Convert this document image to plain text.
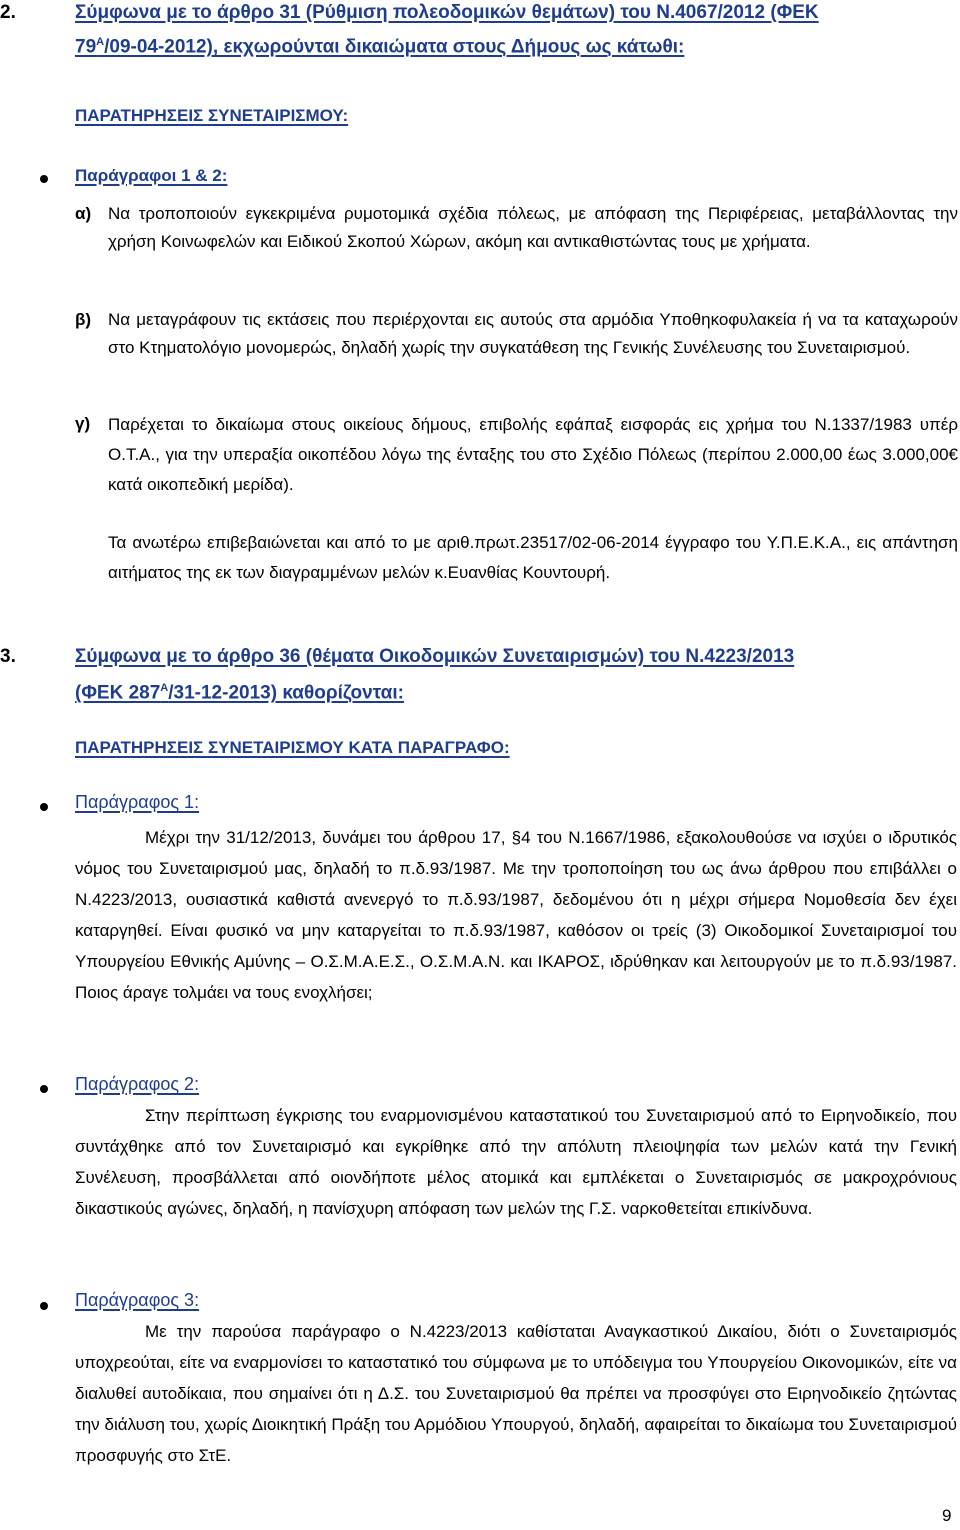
2.	Σύμφωνα με το άρθρο 31 (Ρύθμιση πολεοδομικών θεμάτων) του Ν.4067/2012 (ΦΕΚ
$79^A/09-04-2012$), εκχωρούνται δικαιώματα στους Δήμους ως κάτωθι:
ΠΑΡΑΤΗΡΗΣΕΙΣ ΣΥΝΕΤΑΙΡΙΣΜΟΥ:
Παράγραφοι 1 & 2:
α) Να τροποποιούν εγκεκριμένα ρυμοτομικά σχέδια πόλεως, με απόφαση της Περιφέρειας, μεταβάλλοντας την χρήση Κοινωφελών και Ειδικού Σκοπού Χώρων, ακόμη και αντικαθιστώντας τους με χρήματα.
β) Να μεταγράφουν τις εκτάσεις που περιέρχονται εις αυτούς στα αρμόδια Υποθηκοφυλακεία ή να τα καταχωρούν στο Κτηματολόγιο μονομερώς, δηλαδή χωρίς την συγκατάθεση της Γενικής Συνέλευσης του Συνεταιρισμού.
γ) Παρέχεται το δικαίωμα στους οικείους δήμους, επιβολής εφάπαξ εισφοράς εις χρήμα του Ν.1337/1983 υπέρ Ο.Τ.Α., για την υπεραξία οικοπέδου λόγω της ένταξης του στο Σχέδιο Πόλεως (περίπου 2.000,00 έως 3.000,00€ κατά οικοπεδική μερίδα).
Τα ανωτέρω επιβεβαιώνεται και από το με αριθ.πρωτ.23517/02-06-2014 έγγραφο του Υ.Π.Ε.Κ.Α., εις απάντηση αιτήματος της εκ των διαγραμμένων μελών κ.Ευανθίας Κουντουρή.
3.	Σύμφωνα με το άρθρο 36 (θέματα Οικοδομικών Συνεταιρισμών) του Ν.4223/2013
(ΦΕΚ $287^A/31-12-2013$) καθορίζονται:
ΠΑΡΑΤΗΡΗΣΕΙΣ ΣΥΝΕΤΑΙΡΙΣΜΟΥ ΚΑΤΑ ΠΑΡΑΓΡΑΦΟ:
Παράγραφος 1:
Μέχρι την 31/12/2013, δυνάμει του άρθρου 17, §4 του Ν.1667/1986, εξακολουθούσε να ισχύει ο ιδρυτικός νόμος του Συνεταιρισμού μας, δηλαδή το π.δ.93/1987. Με την τροποποίηση του ως άνω άρθρου που επιβάλλει ο Ν.4223/2013, ουσιαστικά καθιστά ανενεργό το π.δ.93/1987, δεδομένου ότι η μέχρι σήμερα Νομοθεσία δεν έχει καταργηθεί. Είναι φυσικό να μην καταργείται το π.δ.93/1987, καθόσον οι τρείς (3) Οικοδομικοί Συνεταιρισμοί του Υπουργείου Εθνικής Αμύνης – Ο.Σ.Μ.Α.Ε.Σ., Ο.Σ.Μ.Α.Ν. και ΙΚΑΡΟΣ, ιδρύθηκαν και λειτουργούν με το π.δ.93/1987. Ποιος άραγε τολμάει να τους ενοχλήσει;
Παράγραφος 2:
Στην περίπτωση έγκρισης του εναρμονισμένου καταστατικού του Συνεταιρισμού από το Ειρηνοδικείο, που συντάχθηκε από τον Συνεταιρισμό και εγκρίθηκε από την απόλυτη πλειοψηφία των μελών κατά την Γενική Συνέλευση, προσβάλλεται από οιονδήποτε μέλος ατομικά και εμπλέκεται ο Συνεταιρισμός σε μακροχρόνιους δικαστικούς αγώνες, δηλαδή, η πανίσχυρη απόφαση των μελών της Γ.Σ. ναρκοθετείται επικίνδυνα.
Παράγραφος 3:
Με την παρούσα παράγραφο ο Ν.4223/2013 καθίσταται Αναγκαστικού Δικαίου, διότι ο Συνεταιρισμός υποχρεούται, είτε να εναρμονίσει το καταστατικό του σύμφωνα με το υπόδειγμα του Υπουργείου Οικονομικών, είτε να διαλυθεί αυτοδίκαια, που σημαίνει ότι η Δ.Σ. του Συνεταιρισμού θα πρέπει να προσφύγει στο Ειρηνοδικείο ζητώντας την διάλυση του, χωρίς Διοικητική Πράξη του Αρμόδιου Υπουργού, δηλαδή, αφαιρείται το δικαίωμα του Συνεταιρισμού προσφυγής στο ΣτΕ.
9
